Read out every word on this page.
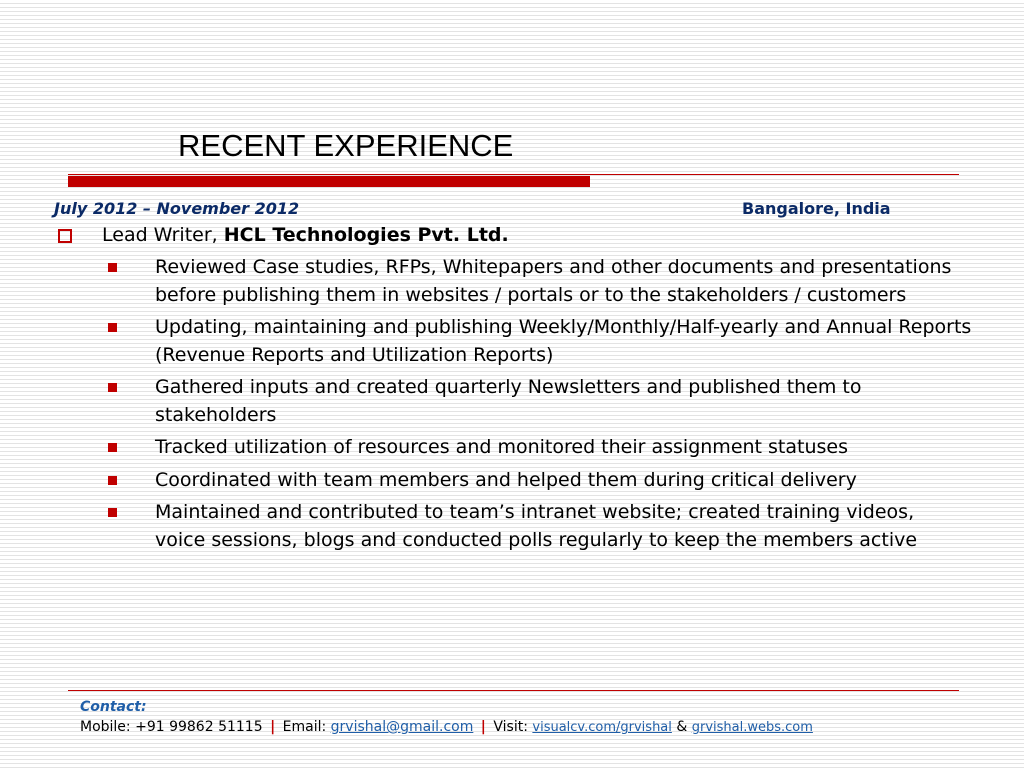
RECENT EXPERIENCE
July 2012 – November 2012	Bangalore, India
Lead Writer, HCL Technologies Pvt. Ltd.
Reviewed Case studies, RFPs, Whitepapers and other documents and presentations before publishing them in websites / portals or to the stakeholders / customers
Updating, maintaining and publishing Weekly/Monthly/Half-yearly and Annual Reports (Revenue Reports and Utilization Reports)
Gathered inputs and created quarterly Newsletters and published them to stakeholders
Tracked utilization of resources and monitored their assignment statuses
Coordinated with team members and helped them during critical delivery
Maintained and contributed to team’s intranet website; created training videos,
voice sessions, blogs and conducted polls regularly to keep the members active
Contact:
Mobile: +91 99862 51115 | Email: grvishal@gmail.com | Visit: visualcv.com/grvishal & grvishal.webs.com
